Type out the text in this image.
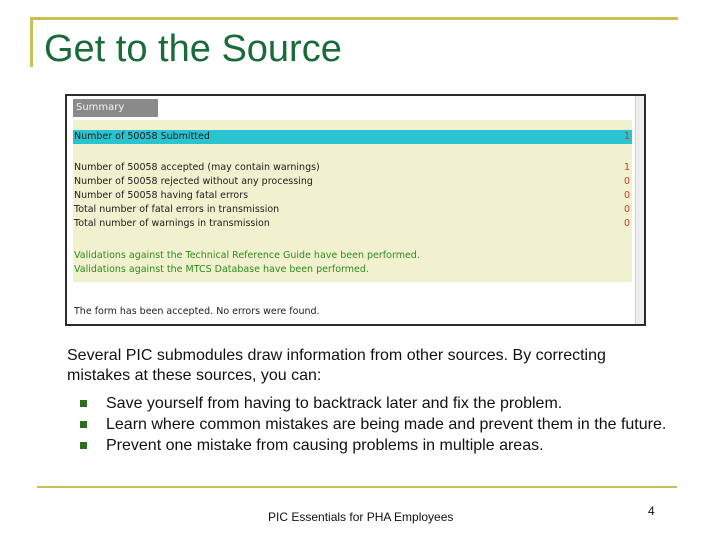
Get to the Source
Summary
Number of 50058 Submitted	1
Number of 50058 accepted (may contain warnings)	1
Number of 50058 rejected without any processing	0
Number of 50058 having fatal errors	0
Total number of fatal errors in transmission	0
Total number of warnings in transmission	0
Validations against the Technical Reference Guide have been performed.
Validations against the MTCS Database have been performed.
The form has been accepted. No errors were found.
Several PIC submodules draw information from other sources. By correcting mistakes at these sources, you can:
Save yourself from having to backtrack later and fix the problem.
Learn where common mistakes are being made and prevent them in the future.
Prevent one mistake from causing problems in multiple areas.
PIC Essentials for PHA Employees	4
